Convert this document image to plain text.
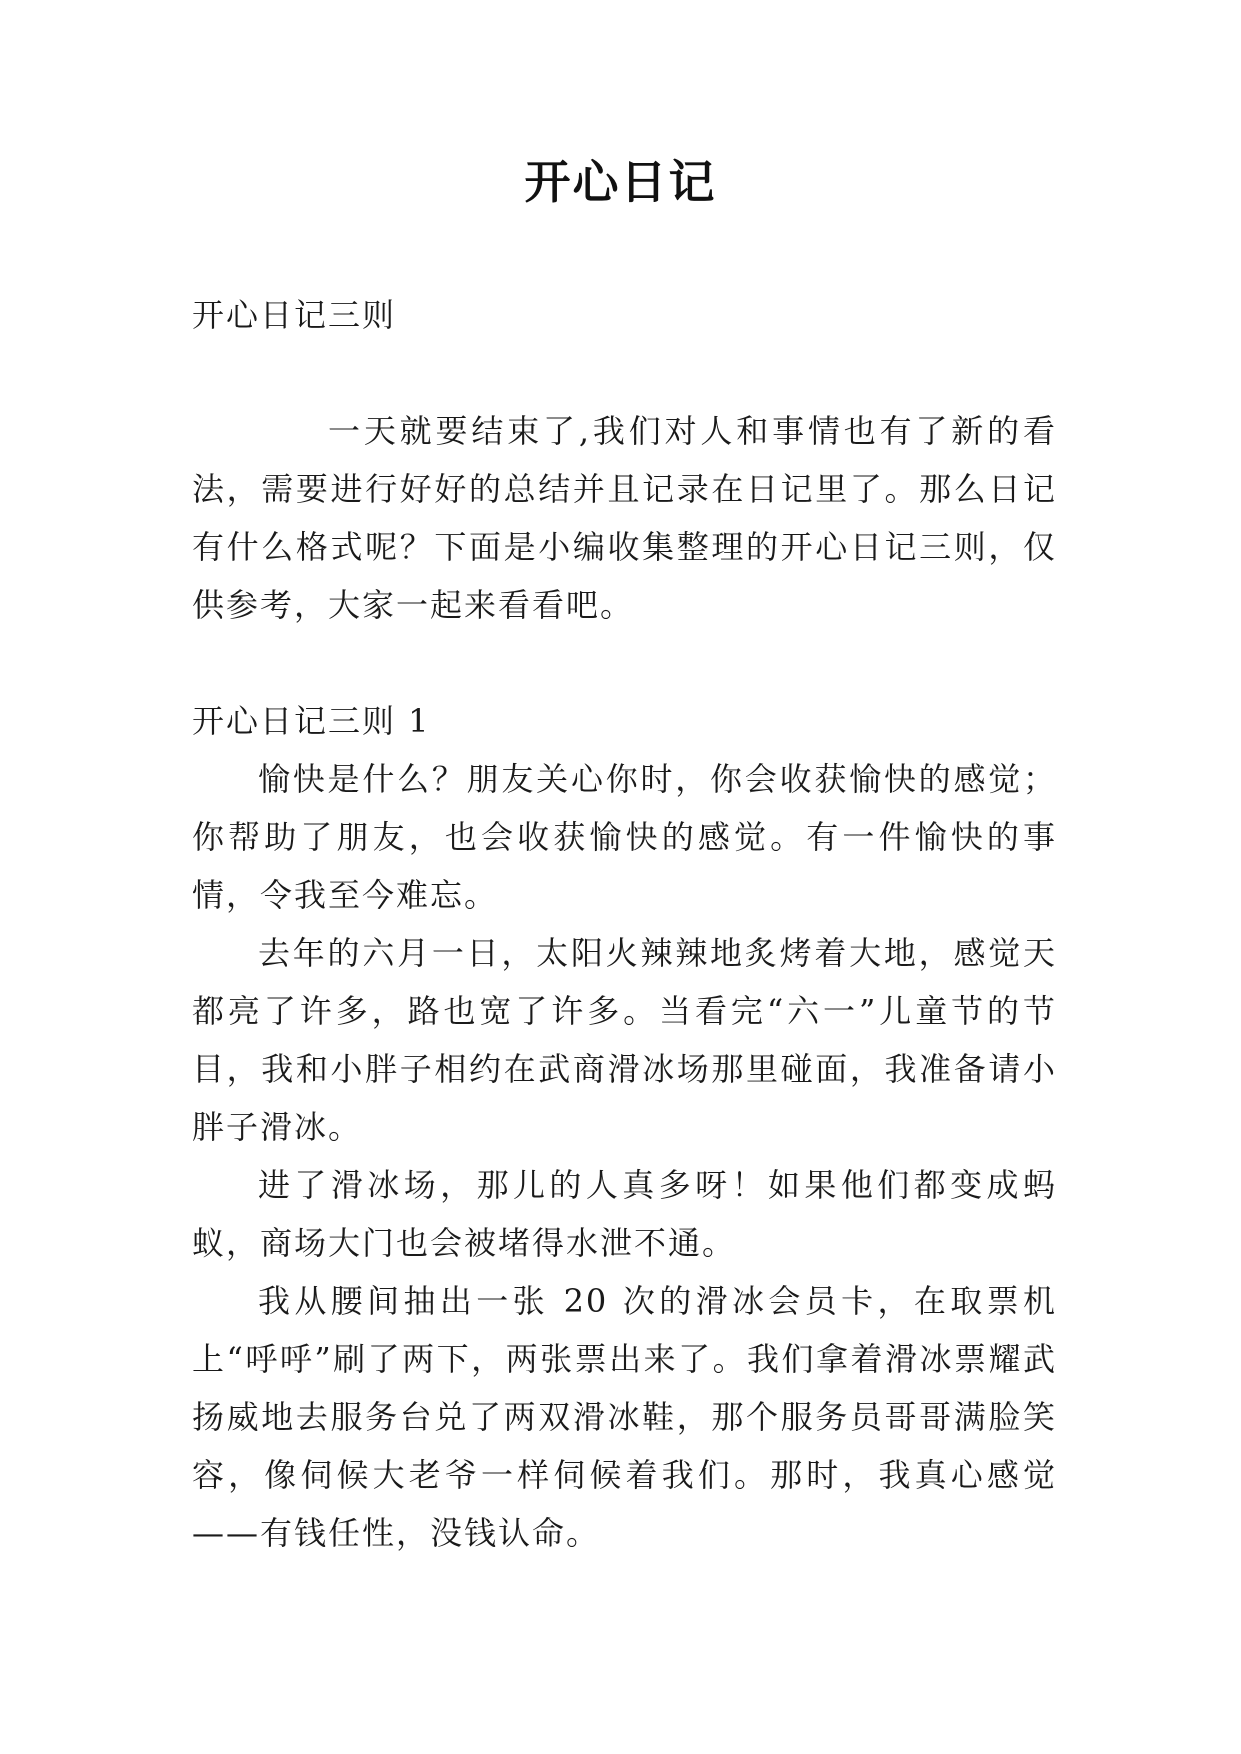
开心日记

开心日记三则

一天就要结束了,我们对人和事情也有了新的看法，需要进行好好的总结并且记录在日记里了。那么日记有什么格式呢？下面是小编收集整理的开心日记三则，仅供参考，大家一起来看看吧。

开心日记三则 1

愉快是什么？朋友关心你时，你会收获愉快的感觉；你帮助了朋友，也会收获愉快的感觉。有一件愉快的事情，令我至今难忘。

去年的六月一日，太阳火辣辣地炙烤着大地，感觉天都亮了许多，路也宽了许多。当看完“六一”儿童节的节目，我和小胖子相约在武商滑冰场那里碰面，我准备请小胖子滑冰。

进了滑冰场，那儿的人真多呀！如果他们都变成蚂蚁，商场大门也会被堵得水泄不通。

我从腰间抽出一张 20 次的滑冰会员卡，在取票机上“呼呼”刷了两下，两张票出来了。我们拿着滑冰票耀武扬威地去服务台兑了两双滑冰鞋，那个服务员哥哥满脸笑容，像伺候大老爷一样伺候着我们。那时，我真心感觉——有钱任性，没钱认命。
